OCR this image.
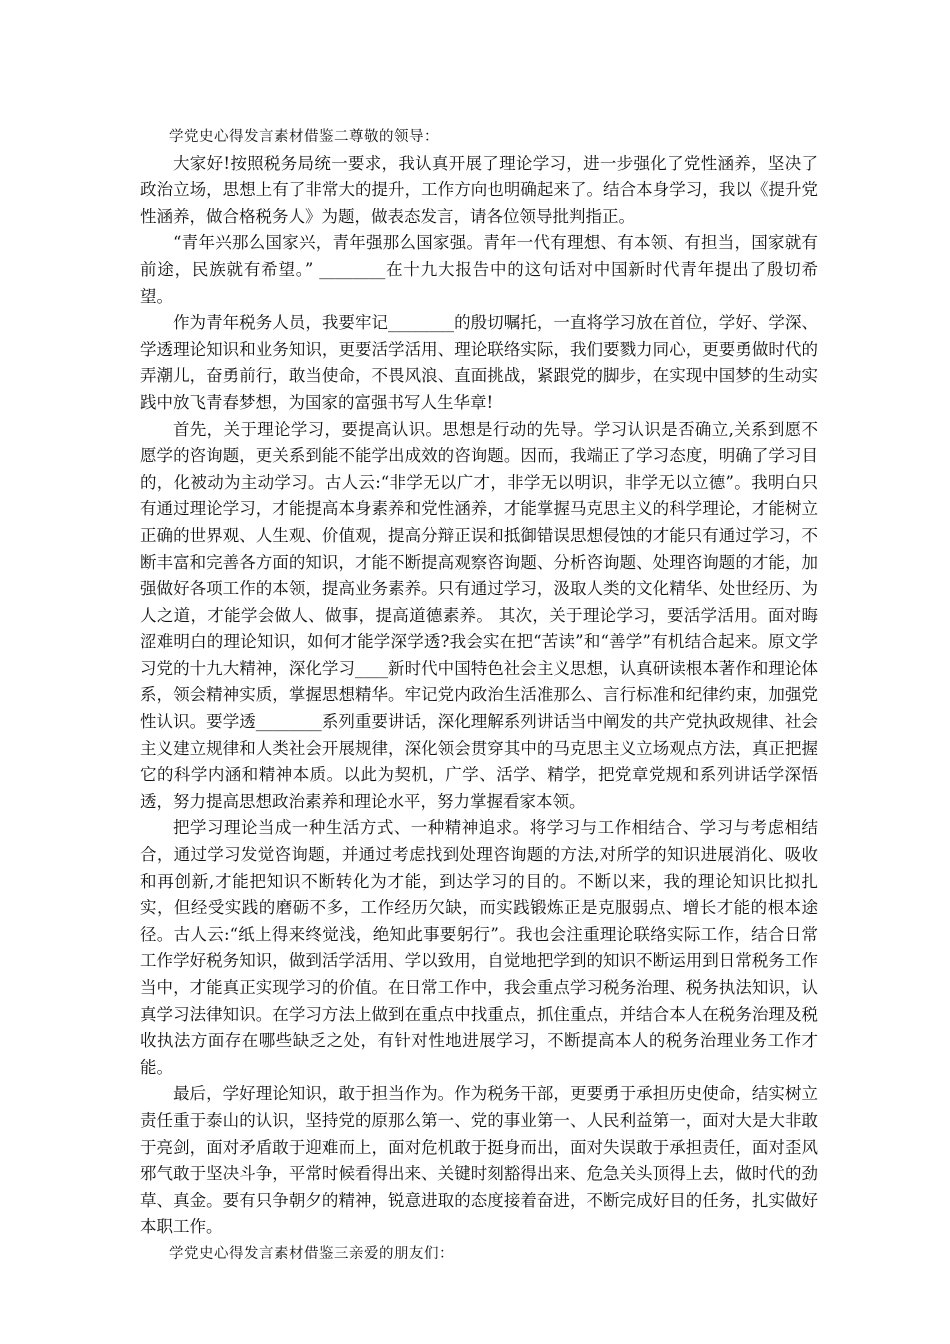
学党史心得发言素材借鉴二尊敬的领导：

大家好!按照税务局统一要求，我认真开展了理论学习，进一步强化了党性涵养，坚决了政治立场，思想上有了非常大的提升，工作方向也明确起来了。结合本身学习，我以《提升党性涵养，做合格税务人》为题，做表态发言，请各位领导批判指正。

“青年兴那么国家兴，青年强那么国家强。青年一代有理想、有本领、有担当，国家就有前途，民族就有希望。” ________在十九大报告中的这句话对中国新时代青年提出了殷切希望。

作为青年税务人员，我要牢记________的殷切嘱托，一直将学习放在首位，学好、学深、学透理论知识和业务知识，更要活学活用、理论联络实际，我们要戮力同心，更要勇做时代的弄潮儿，奋勇前行，敢当使命，不畏风浪、直面挑战，紧跟党的脚步，在实现中国梦的生动实践中放飞青春梦想，为国家的富强书写人生华章!

首先，关于理论学习，要提高认识。思想是行动的先导。学习认识是否确立,关系到愿不愿学的咨询题，更关系到能不能学出成效的咨询题。因而，我端正了学习态度，明确了学习目的，化被动为主动学习。古人云:“非学无以广才，非学无以明识，非学无以立德”。我明白只有通过理论学习，才能提高本身素养和党性涵养，才能掌握马克思主义的科学理论，才能树立正确的世界观、人生观、价值观，提高分辩正误和抵御错误思想侵蚀的才能只有通过学习，不断丰富和完善各方面的知识，才能不断提高观察咨询题、分析咨询题、处理咨询题的才能，加强做好各项工作的本领，提高业务素养。只有通过学习，汲取人类的文化精华、处世经历、为人之道，才能学会做人、做事，提高道德素养。 其次，关于理论学习，要活学活用。面对晦涩难明白的理论知识，如何才能学深学透?我会实在把“苦读”和“善学”有机结合起来。原文学习党的十九大精神，深化学习____新时代中国特色社会主义思想，认真研读根本著作和理论体系，领会精神实质，掌握思想精华。牢记党内政治生活准那么、言行标准和纪律约束，加强党性认识。要学透________系列重要讲话，深化理解系列讲话当中阐发的共产党执政规律、社会主义建立规律和人类社会开展规律，深化领会贯穿其中的马克思主义立场观点方法，真正把握它的科学内涵和精神本质。以此为契机，广学、活学、精学，把党章党规和系列讲话学深悟透，努力提高思想政治素养和理论水平，努力掌握看家本领。

把学习理论当成一种生活方式、一种精神追求。将学习与工作相结合、学习与考虑相结合，通过学习发觉咨询题，并通过考虑找到处理咨询题的方法,对所学的知识进展消化、吸收和再创新,才能把知识不断转化为才能，到达学习的目的。不断以来，我的理论知识比拟扎实，但经受实践的磨砺不多，工作经历欠缺，而实践锻炼正是克服弱点、增长才能的根本途径。古人云:“纸上得来终觉浅，绝知此事要躬行”。我也会注重理论联络实际工作，结合日常工作学好税务知识，做到活学活用、学以致用，自觉地把学到的知识不断运用到日常税务工作当中，才能真正实现学习的价值。在日常工作中，我会重点学习税务治理、税务执法知识，认真学习法律知识。在学习方法上做到在重点中找重点，抓住重点，并结合本人在税务治理及税收执法方面存在哪些缺乏之处，有针对性地进展学习，不断提高本人的税务治理业务工作才能。

最后，学好理论知识，敢于担当作为。作为税务干部，更要勇于承担历史使命，结实树立责任重于泰山的认识，坚持党的原那么第一、党的事业第一、人民利益第一，面对大是大非敢于亮剑，面对矛盾敢于迎难而上，面对危机敢于挺身而出，面对失误敢于承担责任，面对歪风邪气敢于坚决斗争，平常时候看得出来、关键时刻豁得出来、危急关头顶得上去，做时代的劲草、真金。要有只争朝夕的精神，锐意进取的态度接着奋进，不断完成好目的任务，扎实做好本职工作。

学党史心得发言素材借鉴三亲爱的朋友们：
